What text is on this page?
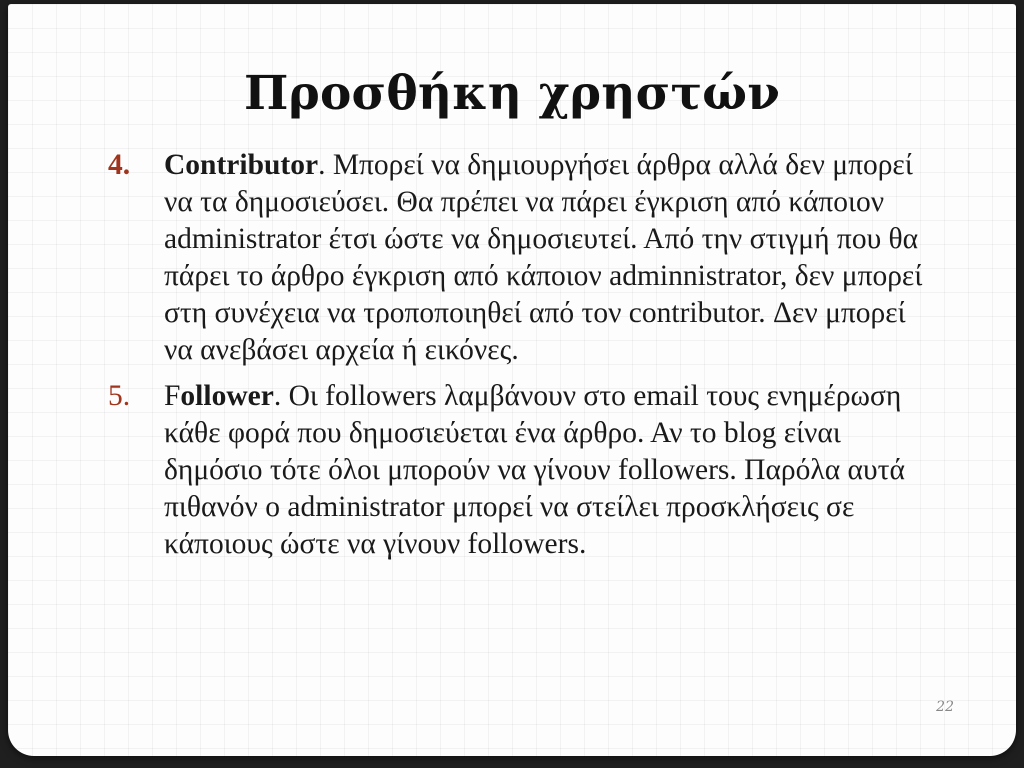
Προσθήκη χρηστών
4.	Contributor. Μπορεί να δημιουργήσει άρθρα αλλά δεν μπορεί να τα δημοσιεύσει. Θα πρέπει να πάρει έγκριση από κάποιον administrator έτσι ώστε να δημοσιευτεί. Από την στιγμή που θα πάρει το άρθρο έγκριση από κάποιον adminnistrator, δεν μπορεί στη συνέχεια να τροποποιηθεί από τον contributor. Δεν μπορεί να ανεβάσει αρχεία ή εικόνες.
5.	Follower. Οι followers λαμβάνουν στο email τους ενημέρωση κάθε φορά που δημοσιεύεται ένα άρθρο. Αν το blog είναι δημόσιο τότε όλοι μπορούν να γίνουν followers. Παρόλα αυτά πιθανόν ο administrator μπορεί να στείλει προσκλήσεις σε κάποιους ώστε να γίνουν followers.
22
